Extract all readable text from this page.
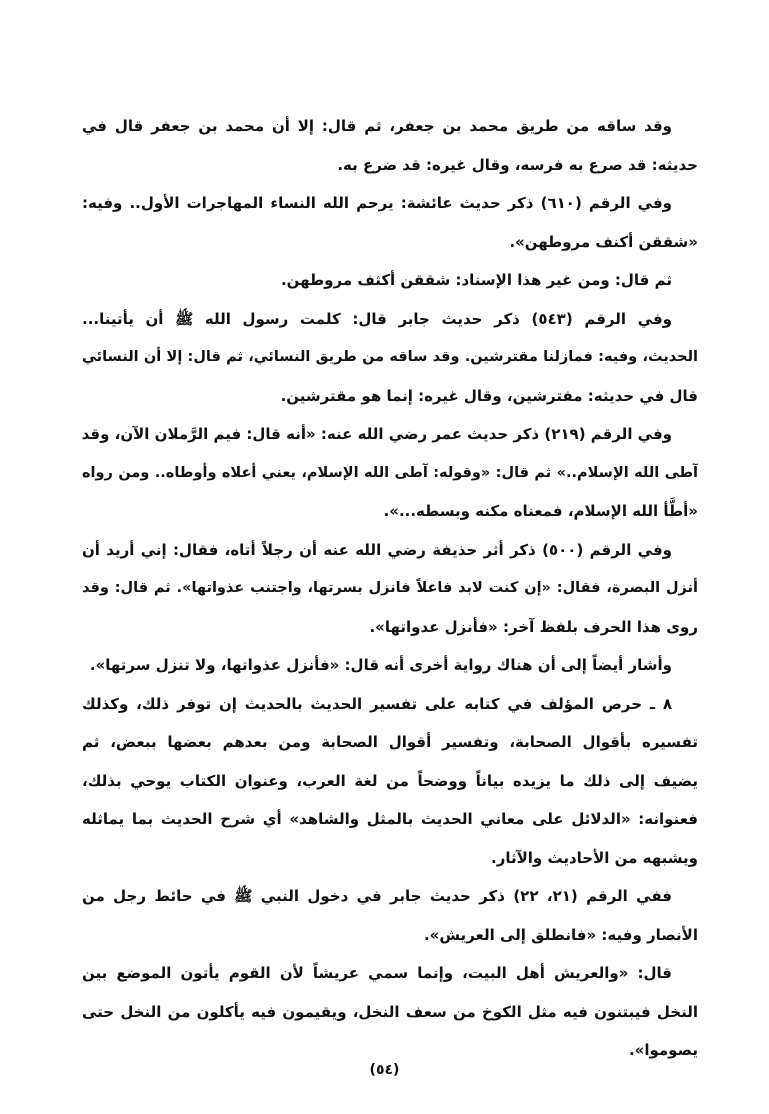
وقد ساقه من طريق محمد بن جعفر، ثم قال: إلا أن محمد بن جعفر قال في
حديثه: قد صرع به فرسه، وقال غيره: قد ضرع به.
وفي الرقم (٦١٠) ذكر حديث عائشة: يرحم الله النساء المهاجرات الأول.. وفيه:
«شققن أكنف مروطهن».
ثم قال: ومن غير هذا الإسناد: شققن أكثف مروطهن.
وفي الرقم (٥٤٣) ذكر حديث جابر قال: كلمت رسول الله ﷺ أن يأتينا...
الحديث، وفيه: فمازلنا مقترشين. وقد ساقه من طريق النسائي، ثم قال: إلا أن النسائي
قال في حديثه: مفترشين، وقال غيره: إنما هو مقترشين.
وفي الرقم (٢١٩) ذكر حديث عمر رضي الله عنه: «أنه قال: فيم الرَّملان الآن، وقد
آطى الله الإسلام..» ثم قال: «وقوله: آطى الله الإسلام، يعني أعلاه وأوطاه.. ومن رواه
«أطَّأ الله الإسلام، فمعناه مكنه وبسطه...».
وفي الرقم (٥٠٠) ذكر أثر حذيفة رضي الله عنه أن رجلاً أتاه، فقال: إني أريد أن
أنزل البصرة، فقال: «إن كنت لابد فاعلاً فانزل بسرتها، واجتنب عذواتها». ثم قال: وقد
روى هذا الحرف بلفظ آخر: «فأنزل عدواتها».
وأشار أيضاً إلى أن هناك رواية أخرى أنه قال: «فأنزل عذواتها، ولا تنزل سرتها».
٨ ـ حرص المؤلف في كتابه على تفسير الحديث بالحديث إن توفر ذلك، وكذلك
تفسيره بأقوال الصحابة، وتفسير أقوال الصحابة ومن بعدهم بعضها ببعض، ثم
يضيف إلى ذلك ما يزيده بياناً ووضحاً من لغة العرب، وعنوان الكتاب يوحي بذلك،
فعنوانه: «الدلائل على معاني الحديث بالمثل والشاهد» أي شرح الحديث بما يماثله
ويشبهه من الأحاديث والآثار.
ففي الرقم (٢١، ٢٢) ذكر حديث جابر في دخول النبي ﷺ في حائط رجل من
الأنصار وفيه: «فانطلق إلى العريش».
قال: «والعريش أهل البيت، وإنما سمي عريشاً لأن القوم يأتون الموضع بين
النخل فيبتنون فيه مثل الكوخ من سعف النخل، ويقيمون فيه يأكلون من النخل حتى
يصوموا».
(٥٤)
